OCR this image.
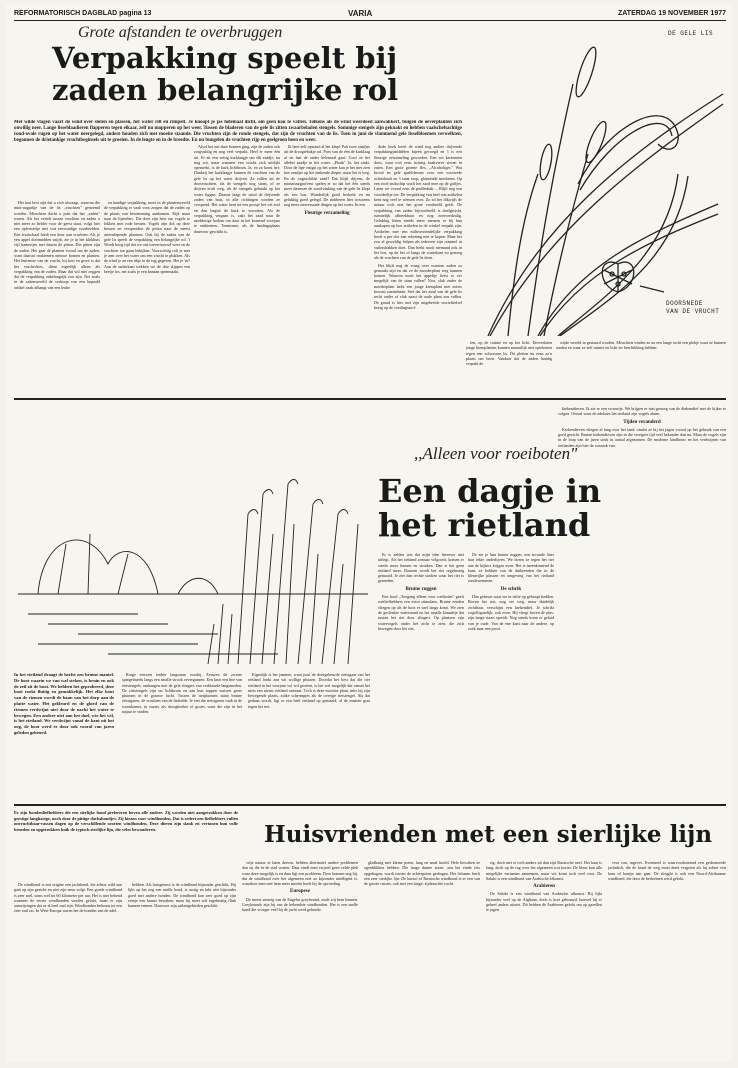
REFORMATORISCH DAGBLAD pagina 13	VARIA	ZATERDAG 19 NOVEMBER 1977
Grote afstanden te overbruggen
Verpakking speelt bij
zaden belangrijke rol
Met wilde vlagen vaart de wind over sloten en plassen, het water rilt en rimpelt. Je knoopt je jas helemaal dicht, om geen kou te vatten. Tolkens als de wind weerdoed aanwakkert, buigen de oeverplanten zich onwillig neer. Lange lisseblaadieren flapperen tegen elkaar, zelf nu mopperen op het weer. Tussen de bladeren van de gele lis zitten zwaarbeladen stengels. Sommige stengels zijn geknakt en hebben vaalschelsachtige rond-ovale rugen op het water neergelegd, andere houden zich met moeite staande. Die vruchten zijn de ronde stengels, dat zijn de vruchten van de lis. Toen in juni de vlammend gele lisselbloemen verwelkten, begonnen de drietankige vruchtbeginsels uit te groeien. In de lengte en in de breedte. En nu bungelen de vruchten rijp en geelgroen heen en weer.

Het ken best zijn dat u zich afvraagt, waarom die mini-augurkje van de lis ,,vruchten" genoemd worden. Misschien dacht u juist dat het ,,zaden" waren. Als het vertelt tussen vruchten en zaden u niet meer zo helder voor de geest staat, volgt hier een opfrissertje met wat eenvoudige voorbeelden. Een fruitschaal biedt een keur aan vruchten. Als je een appel doormidden snijdt, zie je in het klokhuis vijf kamertjes met daarin de pitten. Die pitten zijn de zaden. Het gaat de planten vooral om de zaden, want daaruit ontkiemen nieuwe bomen en planten. Het buitenste van de vrucht, hij kort en groot is dat het vruchtvlees, dient eigenlijk alleen als verpakking van de zaden. Maar dat wil niet zeggen dat de verpakking onbelangrijk zou zijn. Net zoals in de zakenwereld de verkoop van een bepaald artikel vaak afhangt van een leuke

en handige verpakking, moet in de plantenwereld de verpakking er vaak voor zorgen dat de zaden op de plaats van bestemming aankomen. Kijk maar naar de lijsterbes. Die doet zijn best om vogels te lokken met rode bessen. Vogels zijn dol op deze bessen en verspreiden de pitten naar de meest uiteenlopende plaatsen. Ook bij de zaden van de gele lis speelt de verpakking een belangrijke rol. 't Wordt hoog tijd dat we ons toevertrouwd weer en de vruchten toe gaan bekijken. Voorzichtig rolt je met je arm over het water om een vrucht te plukken. Als de wind je an een tikje in de rug gegeven. Het je 'm? Aan de onderkant trekken we de drie slippen een beetje los, net zoals je een banaan openmaakt.

Alsof het om dure bonnen ging, zijn de zaden ook zorgvuldig en nog veel verpakt. Heel er meer één uit. Er zit een vettig kurklaagje om elk zaadje, nu nog wit, maar wanneer een vrucht zich uitdijkt opentrekt, is de kurk lichtbruin. Ja, en zo komt het: Dankzij het kurklaagje kunnen de vruchten van de gele lis op het water drijven. Ze vallen uit de doosvruchten, als de stengels nog staan, of ze drijven erult weg, als de stengels geknakt op het water liggen. Daarna laagt de wind de drijvende zaden van huis, in alle richtingen worden ze verspreid. Het water kent na een poosje het vet eraf en dan begint de kurk te verrotten. Als de verpakking vergaan is, zakt het zaad naar de modderige bodem om daar in het komend voorjaar te ontkiemen. Tenminste, als de landingsplaats daarvoor geschikt is.

Ik heet zelf opstand al het klapt. Pak twee zaadjes uit de droogtebakje rol. Poes van de één de kurklaag af en laat de ander helemaal gaaf. Gooi ze het allebei zaadje in het water. ,,Plonk" Ja, het zinkt. Door de lipe vangst op het water kan je het niet zien hoe zaadjes op het zinkende diepte, maar het is weg. En de ongeschilde zaad? Dat blijft drijven, de miniatuurgrofvest spelen er zo dat het één steeds meer daarmee de wind-zinking van de gele lis klopt als een bus. Wonderlijk goed bedacht en nu gelukkig goed gelegd. De dobberen hier trouwens nog meer interessante dingen op het water. In een

Fleurige verzameling

dode hoek heeft de wind nog andere drijvende verpakkingsmiddelen bijeen gevoegd en 't is een fleurige verzameling geworden. Een wit kartonnen doos, waar ooit eens twintig kaakvieve sieren in zaten. Een grote groene fles, ,,Alcoholiger." Wat brood en gele spaltblessen voor een voortrede achterhaalt en 't staat erop, glanzende mosbeien. Op een rood stukschip wuift het zaad mee op de golfjes. Laten we vooral eens de prullenbak ... Blijft nog een voordeeltje toe. De verpakking van heel wat artikelen kent nog veel te wensen over. Zo zit het dikwijls de natuur toch niet het grote voorbeeld geeft. De verpakking van zaden bijvoorbeeld is doelgericht, ruimtelijk afbreekbaar en nog zoetvoedzalig. Gelukkig letten steeds meer mensen er bij hun aankopen op hoe artikelen in de winkel verpakt zijn. Artikelen met een milieuvriendelijke verpakking hoeft u per slot van rekening niet te kopen. Maar het zou al geweldig helpen als iedereen zijn rommel in vuilnisbakken doet. Dan brekt nooit niemand ook in het bos, op de hei of langs de waterkant nu genoeg als de vruchten van de gele lis doen.

Het blijft nog de vraag over waarom zaden zo gemaakt zijn en dat ze de moederplant weg kunnen komen. Waarom moet het appeltje liefst er ver mogelijk van de stam vallen? Nou, vlak onder de moederplant lacht een jonge kiemplant niet zoiets bewust zaaienbaan. Stel dat het zaad van de gele lis recht onder of vlak naast de oude plant zou vallen. De grond is hier met zijn uitgebreide wortelstelsel bezig op de voedingsstof-

fen, op de ruimte en op het licht. Desverlaten jonge kiemplanten kunnen natuurlijk niet optekenen tegen een volwassen lis. Dit pleiten nu eens zo'n plaats om heen. Vandaar dat de zaden handig verpakt de

wijde wereld in gestuurd worden. Misschien vinden ze na een lange tocht een plekje waar ze kunnen aarden en waar ze zelf ruimte en licht ter beschikking hebben.

DE GELE LIS
DOORSNEDE
VAN DE VRUCHT
,,Alleen voor roeiboten"
Een dagje in
het rietland

Er is zelden iets dat mijn idee hierover niet uitlegt. Als het rietland zomaar volgroeit, komen er steeds meer bomen en struiken. Dan is het geen rietland meer. Daarom wordt het riet regelmatig gemaaid. Je ziet dan rechte stroken waar het riet is gesneden.

Bruine ruggen

Een bord ,,Toegang alleen voor roeiboten" geeft roeiliefhebbers een extra stimulans. Bruine eenden vliegen op als de boot er snel langs komt. We zien de geslonkte waterstand en het smalle kanaaltje dat tussen het riet door slingert. Op plaatsen zijn watervogels onder het zicht te zien, die zich bewegen door het riet.

De zie je hun bruine ruggen, een seconde later hun fekte onderlijven. We horen ze tegen het riet aan de kijkers krijgen even. Het is ineenkomend de kant, ze bokken van de duikeenden die in de kleurrijke plassen en omgeving van het rietland rondzwemmen.

De schrik

Dan gebeurt waar we in stilte op gehoopt hadden. Boven het riet, nog ver weg, maar duidelijk zichtbaar, verschijnt een kiekendief. Je schrikt vogelfigurelijk, ook even. Hij vliegt boven de plas, zijn lange staart spreidt. Nog steeds komt er geluid van je oude. Van de ene kant naar de andere, op zoek naar een prooi.

kiekendieven. Ik zie er een vrouwtje. We krijgen er niet genoeg van de diekendief met de kijker te volgen. Overal waar de adelaars het rietland zijn vogels alarm.

Tijden veranderd

Kiekendieven vliegen al lang over het land, omdat ze bij het jagen vooral op het gebruik van een goed gezicht. Bruine kiekendieven zijn in die vroegere tijd veel bekender dan nu. Maar de vogels zijn in de loop van de jaren sterk in aantal afgenomen. De moderne landbouw en het verdwijnen van rietlanden zijn hier de oorzaak van.

In het rietland draagt de herfst een bruine mantel. De boot waarin we van wal steken, is bruin en ook de zeil zit de boot. We hebben het geprobeerd, deze boot rookt fluitig en gemakkelijk. Het elke hout van de riemen wordt de baan van het dorp aan de platte water. Het gekleurd en de gloed van de riemen verdwijnt niet door de nacht het water te bewegen. Een andere niet aan het doel, wie het wil, is het rietland. We verdwijnt vanaf de kant uit het oog, de boot werd er door ook vooral van jaren geleden gebeurd.

Ruige eeuwen treden langzaam voorbij. Eeuwen de zwarte spiegelmeels langs een smalle strook oeverganzen. Een knot een boe van rietstengels, omhangen met de gele slingers van verklaarde langsmeden. De rietstengels zijn nu lichtbruin en aan hun toppen wuiven grote pluimen in de grauwe lucht. Tussen de rietpluimen staan bruine rietsigaren, de vruchten van de lisdodde. Je ziet die rietsigaren vaak in de woonkamer, in vazen, als droogboeket of groen, want die zijn in het najaar te vinden.

Eigenlijk is het jammer, want juist de doorgebeurde rietsigaar van het rietland lonkt aan wit wollige pluizen. Doordat het best dat die riet rietland in het voorjaar vol wil groeien, is het wel mogelijk dat vanuit het niets een nieuw rietland ontstaat. Toch is deze mooiste plant, mits hij zijn bewegende plaats, zulke schermpjes als de overige rietstengel. Als dat gedaan wordt, ligt er een heel rietland op gemaaid, al de maaien gras tegen het riet.

Er zijn hondenliefhebbers die een sierlijke hond prefereren boven alle andere. Zij worden niet aangetrokken door de geestige langharige, noch door de pittige dachshondjes. Zij kiezen voor windhonden. Dat is sedert een liefhebbers vullen onvruchtbaar-rassen dagen op de verschillende soorten windhonden. Deze dieren zijn slank en vertonen hun volle beneden en opgetrokken buik de typisch sierlijke lijn, die veles bewonderen.	Huisvrienden met een sierlijke lijn

De windhond is een origine een jachthond, die achter wild aan gaat op zijn gezicht en niet zijn neus volgt. Een goede windhond is zeer snel, soms wel tot 60 kilometer per uur. Het is niet bekend wanneer de eerste windhonden werden gefokt, maar er zijn aanwijzingen dat ze al heel oud zijn. Windhonden behoren tot een zeer oud ras. In West-Europa waren het de honden van de adel.

hebben. Als huisgenoot is de windhond bijzonder geschikt. Hij lijkt op het oog een snelle hond, is rustig en lukt niet bijzonder goed met andere honden. De windhond kan zeer goed op zijn eentje een kamer bewaken, maar hij moet wel regelmatig flink kunnen rennen. Daarvoor zijn uitlaatgebieden geschikt.

vrije natuur te laten draven, hebben alternatief andere problemen dan zij die in de stad wonen. Daar vindt men vrijwel geen velde plek waar deze mogelijk is en daar ligt een probleem. Door kunnen nog bij, dat de windhond over het algemeen niet zo bijzonder intelligent is, waardoor men met hem meer moeite heeft bij de opvoeding.

Europese

De meest stenzig van de Engelse greyhound, zoals wij hem kennen. Greyhounds zijn bij ons de bekendste windhonden. Het is een snelle hond die vroeger veel bij de jacht werd gebruikt.

gladharig met kleine poten, lang en smal hoofd. Hele bewaken ze ogenblikken hebben. Die lange dunne staart, aan het einde iets opgebogen, wordt tussen de achterpoten gedragen. Het lichaam heeft een zeer sierlijke lijn. De barzoi of Russische windhond is er een van de groote rassen, ook met een lange, zijdezachte vacht.

rig, doch niet er toch anders uit dan zijn Russische neef. Het haar is lang, doch op de rug over het algemeen wat korter. De kleur kan alle mogelijke varianten aannemen, maar wit komt toch veel voor. De Saluki is een windhond van Arabische afkomst.

Arabieren

De Saluki is een windhond van Arabische afkomst. Bij lijkt bijzonder veel op de Afghaan, doch is kort gebouwd, hoewel hij er geheel anders uitziet. Dit hebben de Arabieren gefokt om op gazellen te jagen.

vera van, ingevet. Eventueel is waarvoorkomend een gedroneerde jachtdrift, die de hond de weg moet doen vergeten als hij achter een haas of konijn aan gaat. De sloughi is ook een Noord-Afrikaanse windhond, die door de bedoeïnen werd gefokt.
